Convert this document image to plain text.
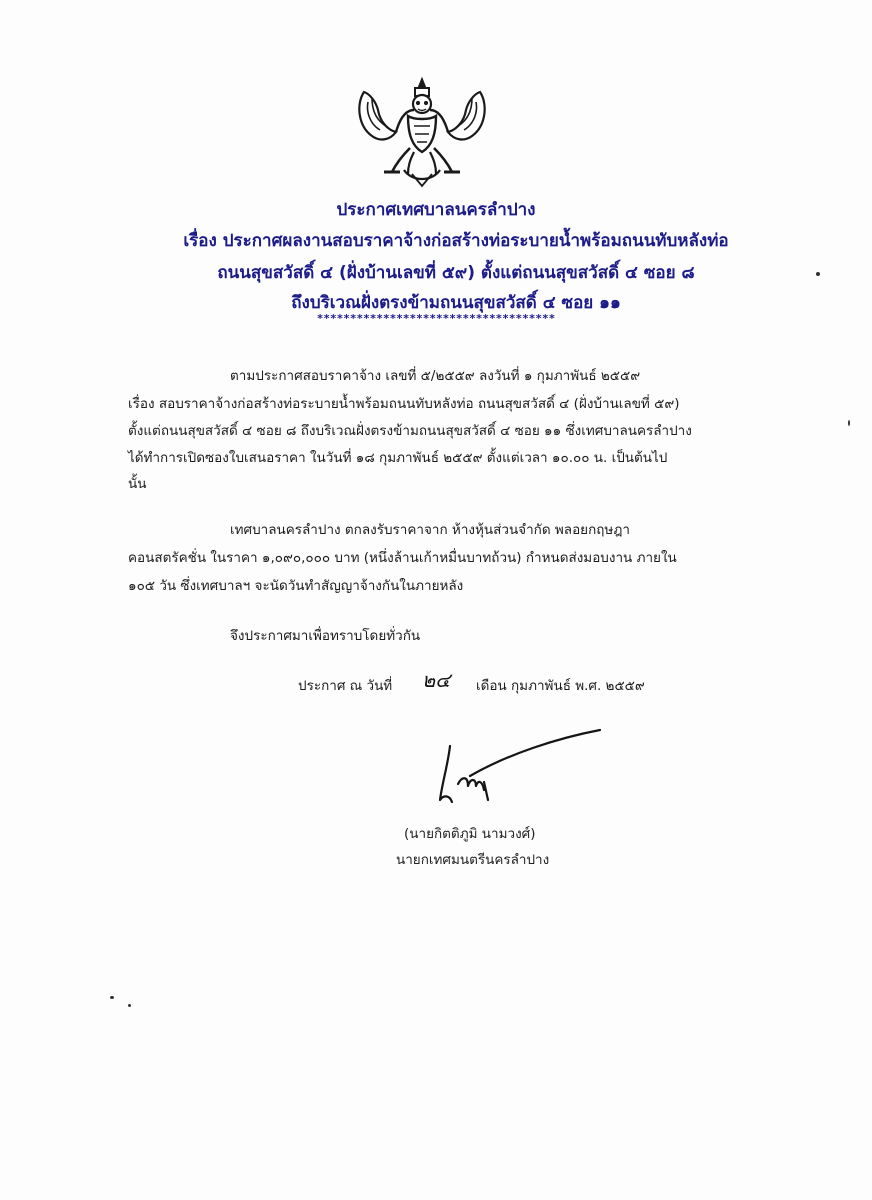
ประกาศเทศบาลนครลำปาง
เรื่อง ประกาศผลงานสอบราคาจ้างก่อสร้างท่อระบายน้ำพร้อมถนนทับหลังท่อ
ถนนสุขสวัสดิ์ ๔ (ฝั่งบ้านเลขที่ ๕๙) ตั้งแต่ถนนสุขสวัสดิ์ ๔ ซอย ๘
ถึงบริเวณฝั่งตรงข้ามถนนสุขสวัสดิ์ ๔ ซอย ๑๑
************************************
ตามประกาศสอบราคาจ้าง เลขที่ ๕/๒๕๕๙ ลงวันที่ ๑ กุมภาพันธ์ ๒๕๕๙
เรื่อง สอบราคาจ้างก่อสร้างท่อระบายน้ำพร้อมถนนทับหลังท่อ ถนนสุขสวัสดิ์ ๔ (ฝั่งบ้านเลขที่ ๕๙)
ตั้งแต่ถนนสุขสวัสดิ์ ๔ ซอย ๘ ถึงบริเวณฝั่งตรงข้ามถนนสุขสวัสดิ์ ๔ ซอย ๑๑ ซึ่งเทศบาลนครลำปาง
ได้ทำการเปิดซองใบเสนอราคา ในวันที่ ๑๘ กุมภาพันธ์ ๒๕๕๙ ตั้งแต่เวลา ๑๐.๐๐ น. เป็นต้นไป
นั้น
เทศบาลนครลำปาง ตกลงรับราคาจาก ห้างหุ้นส่วนจำกัด พลอยกฤษฎา
คอนสตรัคชั่น ในราคา ๑,๐๙๐,๐๐๐ บาท (หนึ่งล้านเก้าหมื่นบาทถ้วน) กำหนดส่งมอบงาน ภายใน
๑๐๕ วัน ซึ่งเทศบาลฯ จะนัดวันทำสัญญาจ้างกันในภายหลัง
จึงประกาศมาเพื่อทราบโดยทั่วกัน
ประกาศ ณ วันที่	๒๔	เดือน กุมภาพันธ์ พ.ศ. ๒๕๕๙
(นายกิตติภูมิ นามวงศ์)
นายกเทศมนตรีนครลำปาง
